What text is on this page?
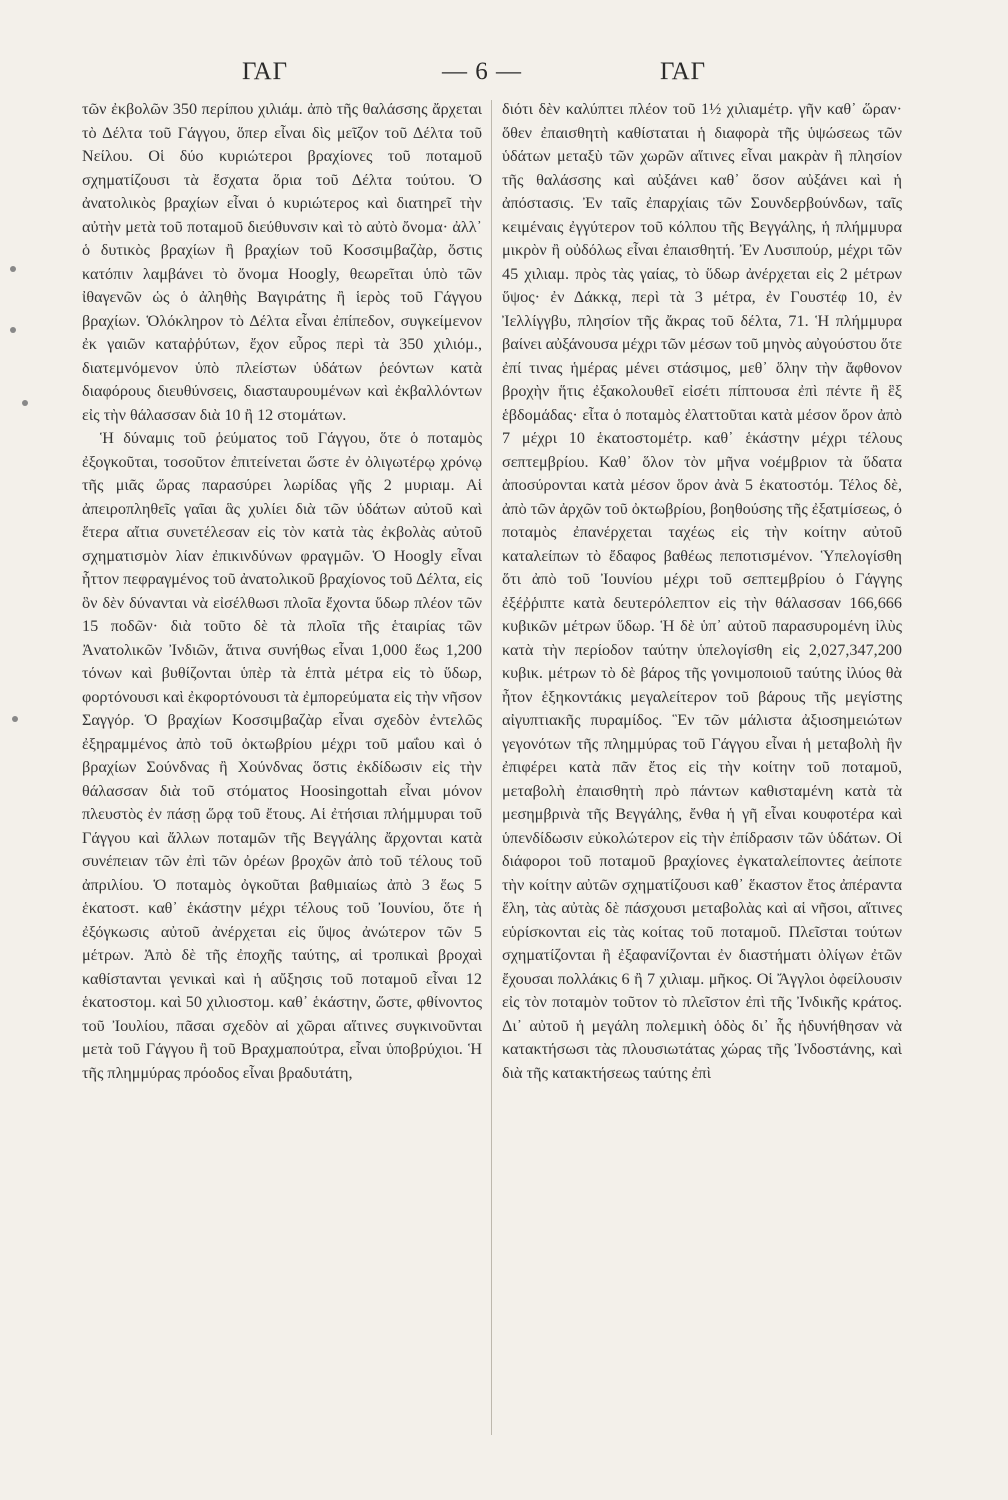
ΓΑΓ	— 6 —	ΓΑΓ

τῶν ἐκβολῶν 350 περίπου χιλιάμ. ἀπὸ τῆς θαλάσσης ἄρχεται τὸ Δέλτα τοῦ Γάγγου, ὅπερ εἶναι δὶς μεῖζον τοῦ Δέλτα τοῦ Νείλου. Οἱ δύο κυριώτεροι βραχίονες τοῦ ποταμοῦ σχηματίζουσι τὰ ἔσχατα ὅρια τοῦ Δέλτα τούτου. Ὁ ἀνατολικὸς βραχίων εἶναι ὁ κυριώτερος καὶ διατηρεῖ τὴν αὐτὴν μετὰ τοῦ ποταμοῦ διεύθυνσιν καὶ τὸ αὐτὸ ὄνομα· ἀλλ᾽ ὁ δυτικὸς βραχίων ἢ βραχίων τοῦ Κοσσιμβαζὰρ, ὅστις κατόπιν λαμβάνει τὸ ὄνομα Hoogly, θεωρεῖται ὑπὸ τῶν ἰθαγενῶν ὡς ὁ ἀληθὴς Βαγιράτης ἢ ἱερὸς τοῦ Γάγγου βραχίων. Ὁλόκληρον τὸ Δέλτα εἶναι ἐπίπεδον, συγκείμενον ἐκ γαιῶν καταῤῥύτων, ἔχον εὖρος περὶ τὰ 350 χιλιόμ., διατεμνόμενον ὑπὸ πλείστων ὑδάτων ῥεόντων κατὰ διαφόρους διευθύνσεις, διασταυρουμένων καὶ ἐκβαλλόντων εἰς τὴν θάλασσαν διὰ 10 ἢ 12 στομάτων.

Ἡ δύναμις τοῦ ῥεύματος τοῦ Γάγγου, ὅτε ὁ ποταμὸς ἐξογκοῦται, τοσοῦτον ἐπιτείνεται ὥστε ἐν ὀλιγωτέρῳ χρόνῳ τῆς μιᾶς ὥρας παρασύρει λωρίδας γῆς 2 μυριαμ. Αἱ ἀπειροπληθεῖς γαῖαι ἃς χυλίει διὰ τῶν ὑδάτων αὐτοῦ καὶ ἕτερα αἴτια συνετέλεσαν εἰς τὸν κατὰ τὰς ἐκβολὰς αὐτοῦ σχηματισμὸν λίαν ἐπικινδύνων φραγμῶν. Ὁ Hoogly εἶναι ἧττον πεφραγμένος τοῦ ἀνατολικοῦ βραχίονος τοῦ Δέλτα, εἰς ὃν δὲν δύνανται νὰ εἰσέλθωσι πλοῖα ἔχοντα ὕδωρ πλέον τῶν 15 ποδῶν· διὰ τοῦτο δὲ τὰ πλοῖα τῆς ἑταιρίας τῶν Ἀνατολικῶν Ἰνδιῶν, ἅτινα συνήθως εἶναι 1,000 ἕως 1,200 τόνων καὶ βυθίζονται ὑπὲρ τὰ ἑπτὰ μέτρα εἰς τὸ ὕδωρ, φορτόνουσι καὶ ἐκφορτόνουσι τὰ ἐμπορεύματα εἰς τὴν νῆσον Σαγγόρ. Ὁ βραχίων Κοσσιμβαζὰρ εἶναι σχεδὸν ἐντελῶς ἐξηραμμένος ἀπὸ τοῦ ὀκτωβρίου μέχρι τοῦ μαΐου καὶ ὁ βραχίων Σούνδνας ἢ Χούνδνας ὅστις ἐκδίδωσιν εἰς τὴν θάλασσαν διὰ τοῦ στόματος Hoosingottah εἶναι μόνον πλευστὸς ἐν πάσῃ ὥρᾳ τοῦ ἔτους. Αἱ ἐτήσιαι πλήμμυραι τοῦ Γάγγου καὶ ἄλλων ποταμῶν τῆς Βεγγάλης ἄρχονται κατὰ συνέπειαν τῶν ἐπὶ τῶν ὀρέων βροχῶν ἀπὸ τοῦ τέλους τοῦ ἀπριλίου. Ὁ ποταμὸς ὀγκοῦται βαθμιαίως ἀπὸ 3 ἕως 5 ἑκατοστ. καθ᾽ ἑκάστην μέχρι τέλους τοῦ Ἰουνίου, ὅτε ἡ ἐξόγκωσις αὐτοῦ ἀνέρχεται εἰς ὕψος ἀνώτερον τῶν 5 μέτρων. Ἀπὸ δὲ τῆς ἐποχῆς ταύτης, αἱ τροπικαὶ βροχαὶ καθίστανται γενικαὶ καὶ ἡ αὔξησις τοῦ ποταμοῦ εἶναι 12 ἑκατοστομ. καὶ 50 χιλιοστομ. καθ᾽ ἑκάστην, ὥστε, φθίνοντος τοῦ Ἰουλίου, πᾶσαι σχεδὸν αἱ χῶραι αἵτινες συγκινοῦνται μετὰ τοῦ Γάγγου ἢ τοῦ Βραχμαπούτρα, εἶναι ὑποβρύχιοι. Ἡ τῆς πλημμύρας πρόοδος εἶναι βραδυτάτη,

διότι δὲν καλύπτει πλέον τοῦ 1½ χιλιαμέτρ. γῆν καθ᾽ ὥραν· ὅθεν ἐπαισθητὴ καθίσταται ἡ διαφορὰ τῆς ὑψώσεως τῶν ὑδάτων μεταξὺ τῶν χωρῶν αἵτινες εἶναι μακρὰν ἢ πλησίον τῆς θαλάσσης καὶ αὐξάνει καθ᾽ ὅσον αὐξάνει καὶ ἡ ἀπόστασις. Ἐν ταῖς ἐπαρχίαις τῶν Σουνδερβούνδων, ταῖς κειμέναις ἐγγύτερον τοῦ κόλπου τῆς Βεγγάλης, ἡ πλήμμυρα μικρὸν ἢ οὐδόλως εἶναι ἐπαισθητή. Ἐν Λυσιπούρ, μέχρι τῶν 45 χιλιαμ. πρὸς τὰς γαίας, τὸ ὕδωρ ἀνέρχεται εἰς 2 μέτρων ὕψος· ἐν Δάκκᾳ, περὶ τὰ 3 μέτρα, ἐν Γουστέφ 10, ἐν Ἰελλίγγβυ, πλησίον τῆς ἄκρας τοῦ δέλτα, 71. Ἡ πλήμμυρα βαίνει αὐξάνουσα μέχρι τῶν μέσων τοῦ μηνὸς αὐγούστου ὅτε ἐπί τινας ἡμέρας μένει στάσιμος, μεθ᾽ ὅλην τὴν ἄφθονον βροχὴν ἥτις ἐξακολουθεῖ εἰσέτι πίπτουσα ἐπὶ πέντε ἢ ἓξ ἑβδομάδας· εἶτα ὁ ποταμὸς ἐλαττοῦται κατὰ μέσον ὅρον ἀπὸ 7 μέχρι 10 ἑκατοστομέτρ. καθ᾽ ἑκάστην μέχρι τέλους σεπτεμβρίου. Καθ᾽ ὅλον τὸν μῆνα νοέμβριον τὰ ὕδατα ἀποσύρονται κατὰ μέσον ὅρον ἀνὰ 5 ἑκατοστόμ. Τέλος δὲ, ἀπὸ τῶν ἀρχῶν τοῦ ὀκτωβρίου, βοηθούσης τῆς ἐξατμίσεως, ὁ ποταμὸς ἐπανέρχεται ταχέως εἰς τὴν κοίτην αὐτοῦ καταλείπων τὸ ἔδαφος βαθέως πεποτισμένον. Ὑπελογίσθη ὅτι ἀπὸ τοῦ Ἰουνίου μέχρι τοῦ σεπτεμβρίου ὁ Γάγγης ἐξέῤῥιπτε κατὰ δευτερόλεπτον εἰς τὴν θάλασσαν 166,666 κυβικῶν μέτρων ὕδωρ. Ἡ δὲ ὑπ᾽ αὐτοῦ παρασυρομένη ἰλὺς κατὰ τὴν περίοδον ταύτην ὑπελογίσθη εἰς 2,027,347,200 κυβικ. μέτρων τὸ δὲ βάρος τῆς γονιμοποιοῦ ταύτης ἰλύος θὰ ἦτον ἑξηκοντάκις μεγαλείτερον τοῦ βάρους τῆς μεγίστης αἰγυπτιακῆς πυραμίδος. Ἓν τῶν μάλιστα ἀξιοσημειώτων γεγονότων τῆς πλημμύρας τοῦ Γάγγου εἶναι ἡ μεταβολὴ ἣν ἐπιφέρει κατὰ πᾶν ἔτος εἰς τὴν κοίτην τοῦ ποταμοῦ, μεταβολὴ ἐπαισθητὴ πρὸ πάντων καθισταμένη κατὰ τὰ μεσημβρινὰ τῆς Βεγγάλης, ἔνθα ἡ γῆ εἶναι κουφοτέρα καὶ ὑπενδίδωσιν εὐκολώτερον εἰς τὴν ἐπίδρασιν τῶν ὑδάτων. Οἱ διάφοροι τοῦ ποταμοῦ βραχίονες ἐγκαταλείποντες ἀείποτε τὴν κοίτην αὐτῶν σχηματίζουσι καθ᾽ ἕκαστον ἔτος ἀπέραντα ἕλη, τὰς αὐτὰς δὲ πάσχουσι μεταβολὰς καὶ αἱ νῆσοι, αἵτινες εὑρίσκονται εἰς τὰς κοίτας τοῦ ποταμοῦ. Πλεῖσται τούτων σχηματίζονται ἢ ἐξαφανίζονται ἐν διαστήματι ὀλίγων ἐτῶν ἔχουσαι πολλάκις 6 ἢ 7 χιλιαμ. μῆκος. Οἱ Ἄγγλοι ὀφείλουσιν εἰς τὸν ποταμὸν τοῦτον τὸ πλεῖστον ἐπὶ τῆς Ἰνδικῆς κράτος. Δι᾽ αὐτοῦ ἡ μεγάλη πολεμικὴ ὁδὸς δι᾽ ἧς ἠδυνήθησαν νὰ κατακτήσωσι τὰς πλουσιωτάτας χώρας τῆς Ἰνδοστάνης, καὶ διὰ τῆς κατακτήσεως ταύτης ἐπὶ
